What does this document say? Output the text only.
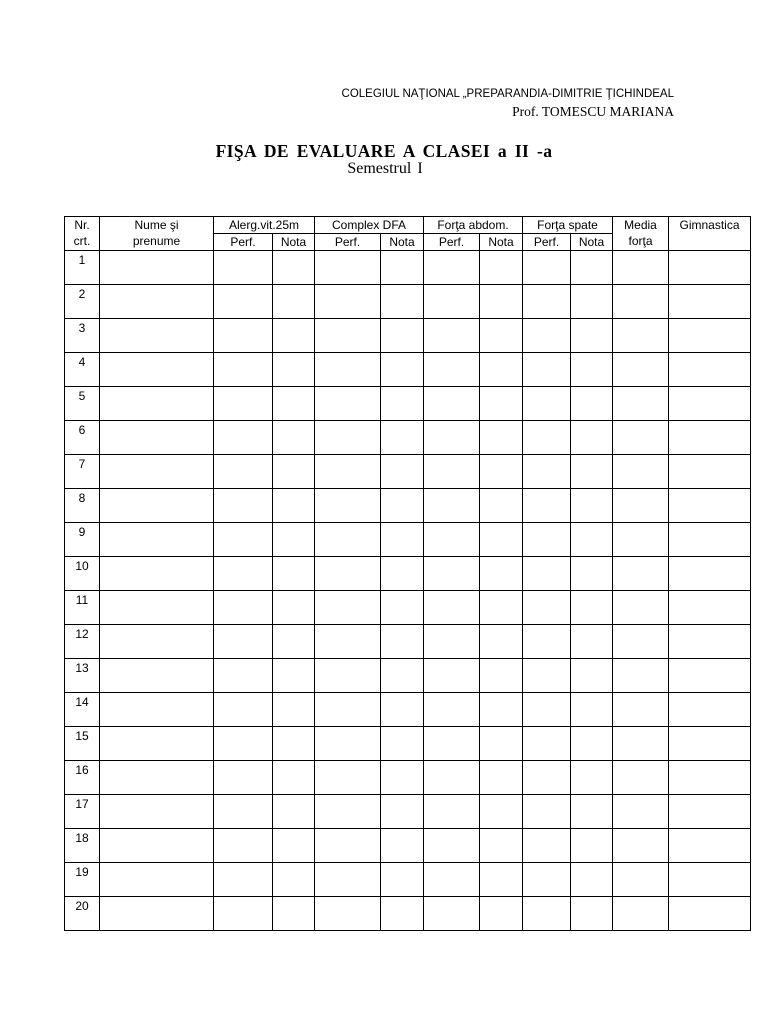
COLEGIUL NAŢIONAL „PREPARANDIA-DIMITRIE ŢICHINDEAL
Prof. TOMESCU MARIANA
FIŞA DE EVALUARE A CLASEI a II -a
Semestrul I
Nr. crt.	Nume şi prenume	Alerg.vit.25m		Complex DFA		Forţa abdom.		Forţa spate		Media forţa	Gimnastica
		Perf.	Nota	Perf.	Nota	Perf.	Nota	Perf.	Nota		
1											
2											
3											
4											
5											
6											
7											
8											
9											
10											
11											
12											
13											
14											
15											
16											
17											
18											
19											
20											
